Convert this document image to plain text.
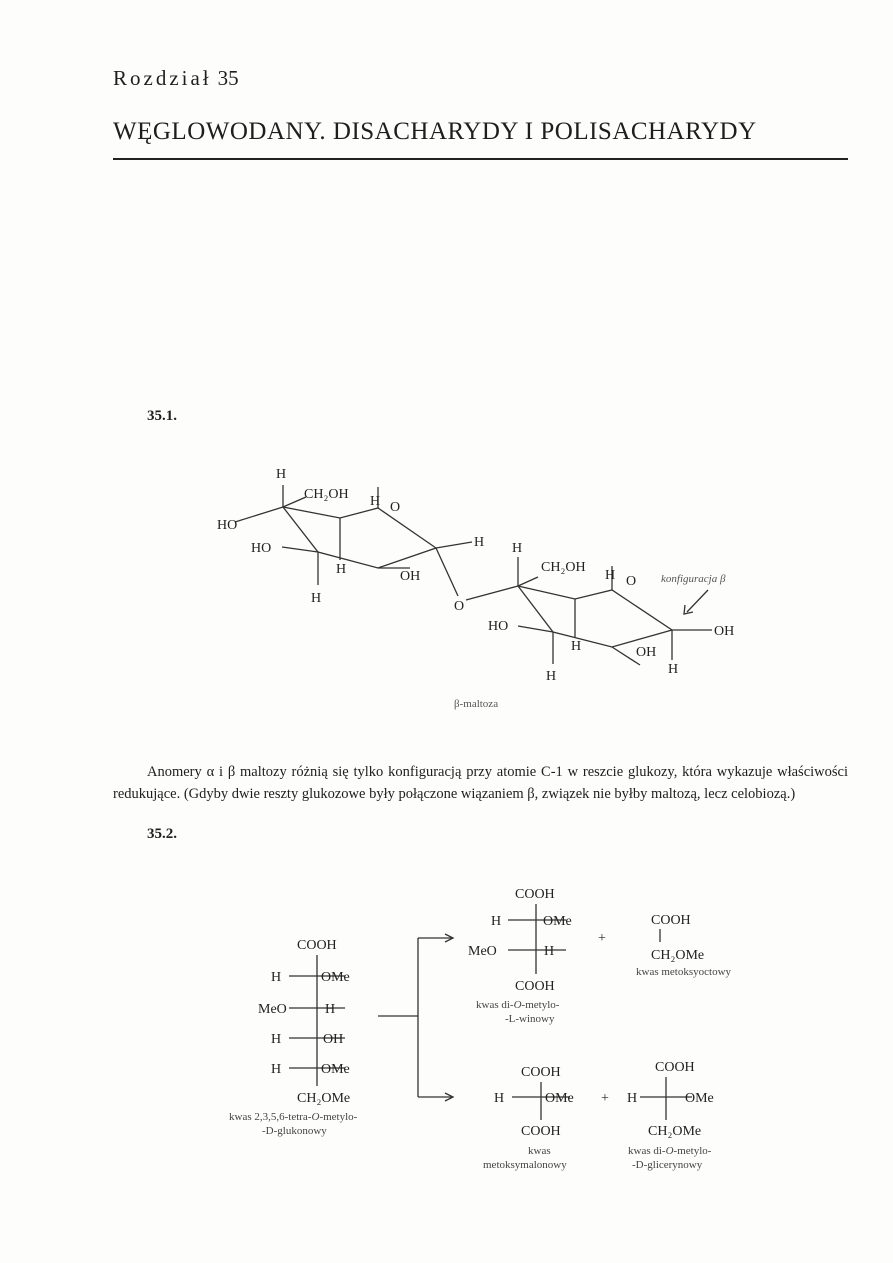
Rozdział 35
WĘGLOWODANY. DISACHARYDY I POLISACHARYDY
35.1.
H
CH₂OH H O
HO
HO
H	OH
H
H
O
H
CH₂OH
H O
HO
H	OH
H	H
OH
konfiguracja β
β-maltoza
Anomery α i β maltozy różnią się tylko konfiguracją przy atomie C-1 w reszcie glukozy, która wykazuje właściwości redukujące. (Gdyby dwie reszty glukozowe były połączone wiązaniem β, związek nie byłby maltozą, lecz celobiozą.)
35.2.
COOH
H	OMe
MeO	H
H	OH
H	OMe
CH₂OMe
kwas 2,3,5,6-tetra-O-metylo-
-D-glukonowy
COOH
H	OMe
MeO	H
COOH
kwas di-O-metylo-
-L-winowy
+
COOH
CH₂OMe
kwas metoksyoctowy
COOH
H	OMe
COOH
kwas
metoksymalonowy
+
COOH
H	OMe
CH₂OMe
kwas di-O-metylo-
-D-glicerynowy
